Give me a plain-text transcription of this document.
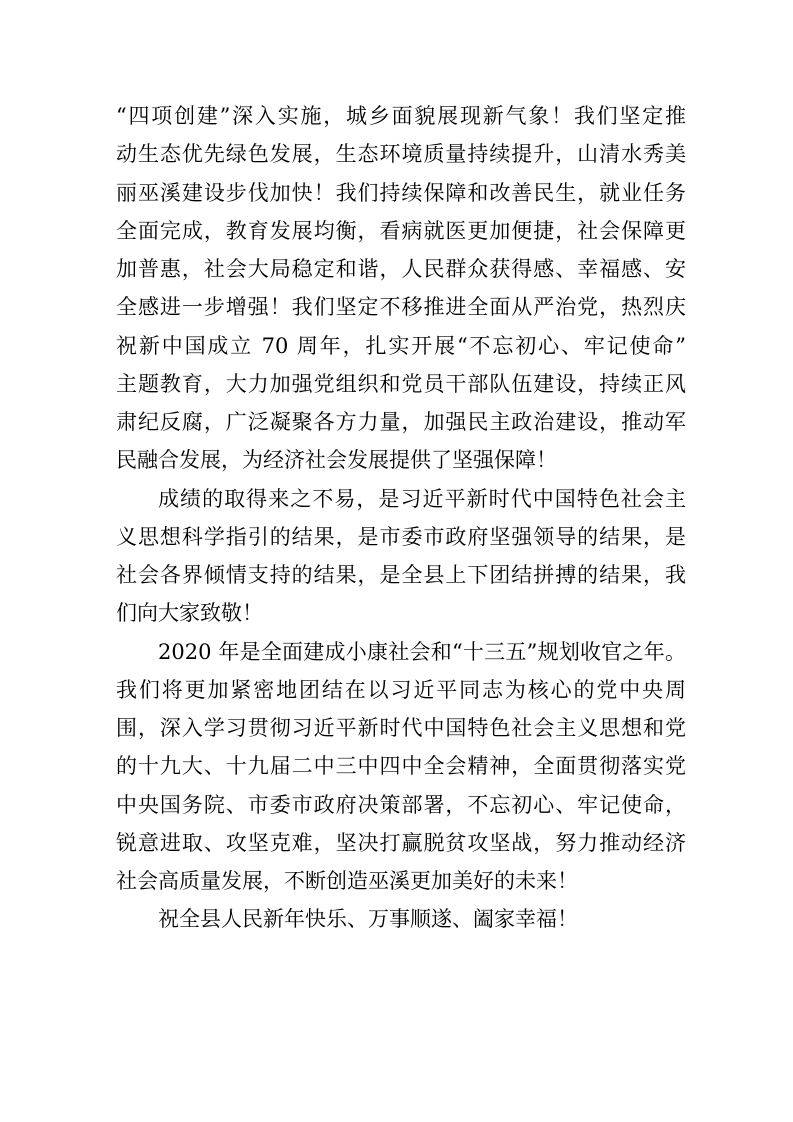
“四项创建”深入实施，城乡面貌展现新气象！我们坚定推
动生态优先绿色发展，生态环境质量持续提升，山清水秀美
丽巫溪建设步伐加快！我们持续保障和改善民生，就业任务
全面完成，教育发展均衡，看病就医更加便捷，社会保障更
加普惠，社会大局稳定和谐，人民群众获得感、幸福感、安
全感进一步增强！我们坚定不移推进全面从严治党，热烈庆
祝新中国成立 70 周年，扎实开展“不忘初心、牢记使命”
主题教育，大力加强党组织和党员干部队伍建设，持续正风
肃纪反腐，广泛凝聚各方力量，加强民主政治建设，推动军
民融合发展，为经济社会发展提供了坚强保障！
成绩的取得来之不易，是习近平新时代中国特色社会主
义思想科学指引的结果，是市委市政府坚强领导的结果，是
社会各界倾情支持的结果，是全县上下团结拼搏的结果，我
们向大家致敬！
2020 年是全面建成小康社会和“十三五”规划收官之年。
我们将更加紧密地团结在以习近平同志为核心的党中央周
围，深入学习贯彻习近平新时代中国特色社会主义思想和党
的十九大、十九届二中三中四中全会精神，全面贯彻落实党
中央国务院、市委市政府决策部署，不忘初心、牢记使命，
锐意进取、攻坚克难，坚决打赢脱贫攻坚战，努力推动经济
社会高质量发展，不断创造巫溪更加美好的未来！
祝全县人民新年快乐、万事顺遂、阖家幸福！
